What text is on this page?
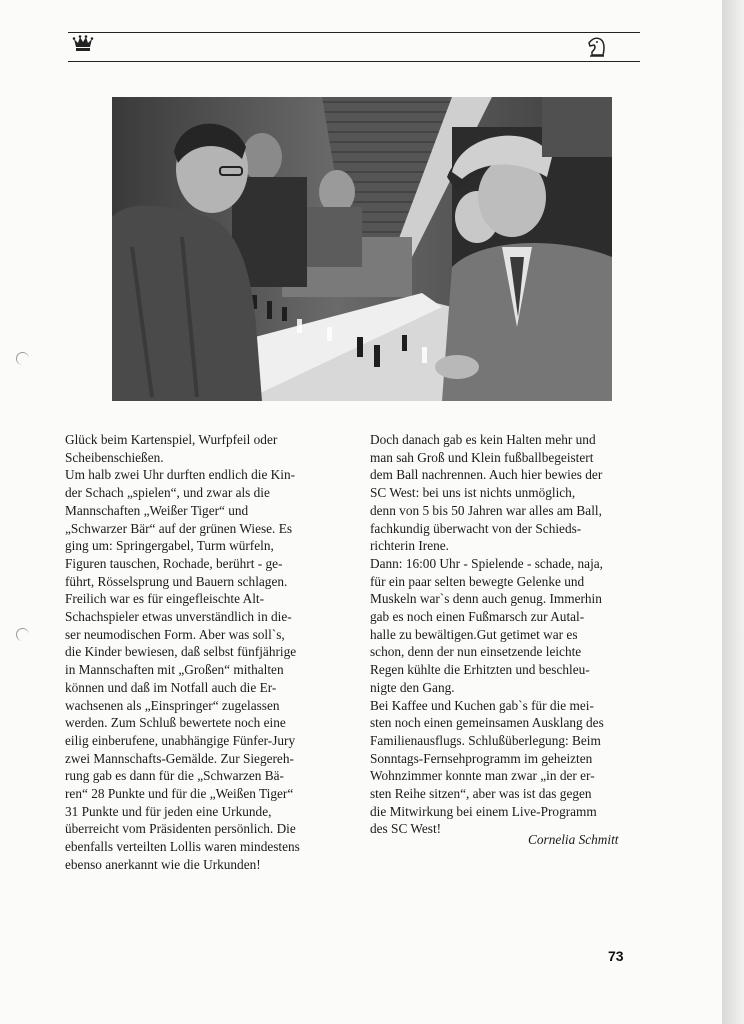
Glück beim Kartenspiel, Wurfpfeil oder
Scheibenschießen.
Um halb zwei Uhr durften endlich die Kin-
der Schach „spielen“, und zwar als die
Mannschaften „Weißer Tiger“ und
„Schwarzer Bär“ auf der grünen Wiese. Es
ging um: Springergabel, Turm würfeln,
Figuren tauschen, Rochade, berührt - ge-
führt, Rösselsprung und Bauern schlagen.
Freilich war es für eingefleischte Alt-
Schachspieler etwas unverständlich in die-
ser neumodischen Form. Aber was soll`s,
die Kinder bewiesen, daß selbst fünfjährige
in Mannschaften mit „Großen“ mithalten
können und daß im Notfall auch die Er-
wachsenen als „Einspringer“ zugelassen
werden. Zum Schluß bewertete noch eine
eilig einberufene, unabhängige Fünfer-Jury
zwei Mannschafts-Gemälde. Zur Siegereh-
rung gab es dann für die „Schwarzen Bä-
ren“ 28 Punkte und für die „Weißen Tiger“
31 Punkte und für jeden eine Urkunde,
überreicht vom Präsidenten persönlich. Die
ebenfalls verteilten Lollis waren mindestens
ebenso anerkannt wie die Urkunden!
Doch danach gab es kein Halten mehr und
man sah Groß und Klein fußballbegeistert
dem Ball nachrennen. Auch hier bewies der
SC West: bei uns ist nichts unmöglich,
denn von 5 bis 50 Jahren war alles am Ball,
fachkundig überwacht von der Schieds-
richterin Irene.
Dann: 16:00 Uhr - Spielende - schade, naja,
für ein paar selten bewegte Gelenke und
Muskeln war`s denn auch genug. Immerhin
gab es noch einen Fußmarsch zur Autal-
halle zu bewältigen.Gut getimet war es
schon, denn der nun einsetzende leichte
Regen kühlte die Erhitzten und beschleu-
nigte den Gang.
Bei Kaffee und Kuchen gab`s für die mei-
sten noch einen gemeinsamen Ausklang des
Familienausflugs. Schlußüberlegung: Beim
Sonntags-Fernsehprogramm im geheizten
Wohnzimmer konnte man zwar „in der er-
sten Reihe sitzen“, aber was ist das gegen
die Mitwirkung bei einem Live-Programm
des SC West!
Cornelia Schmitt
73
